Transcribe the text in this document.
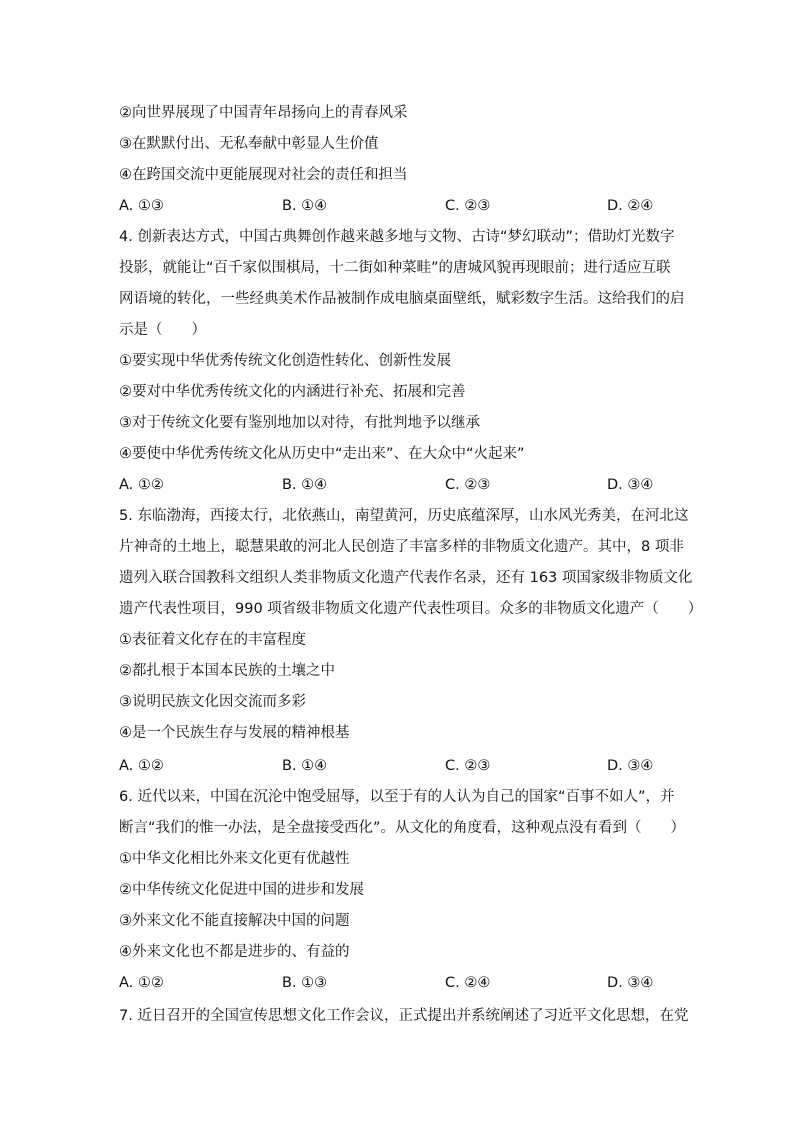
②向世界展现了中国青年昂扬向上的青春风采
③在默默付出、无私奉献中彰显人生价值
④在跨国交流中更能展现对社会的责任和担当
A. ①③	B. ①④	C. ②③	D. ②④
4. 创新表达方式，中国古典舞创作越来越多地与文物、古诗“梦幻联动”；借助灯光数字
投影，就能让“百千家似围棋局，十二街如种菜畦”的唐城风貌再现眼前；进行适应互联
网语境的转化，一些经典美术作品被制作成电脑桌面壁纸，赋彩数字生活。这给我们的启
示是（　　）
①要实现中华优秀传统文化创造性转化、创新性发展
②要对中华优秀传统文化的内涵进行补充、拓展和完善
③对于传统文化要有鉴别地加以对待，有批判地予以继承
④要使中华优秀传统文化从历史中“走出来”、在大众中“火起来”
A. ①②	B. ①④	C. ②③	D. ③④
5. 东临渤海，西接太行，北依燕山，南望黄河，历史底蕴深厚，山水风光秀美，在河北这
片神奇的土地上，聪慧果敢的河北人民创造了丰富多样的非物质文化遗产。其中，8 项非
遗列入联合国教科文组织人类非物质文化遗产代表作名录，还有 163 项国家级非物质文化
遗产代表性项目，990 项省级非物质文化遗产代表性项目。众多的非物质文化遗产（　　）
①表征着文化存在的丰富程度
②都扎根于本国本民族的土壤之中
③说明民族文化因交流而多彩
④是一个民族生存与发展的精神根基
A. ①②	B. ①④	C. ②③	D. ③④
6. 近代以来，中国在沉沦中饱受屈辱，以至于有的人认为自己的国家“百事不如人”，并
断言“我们的惟一办法，是全盘接受西化”。从文化的角度看，这种观点没有看到（　　）
①中华文化相比外来文化更有优越性
②中华传统文化促进中国的进步和发展
③外来文化不能直接解决中国的问题
④外来文化也不都是进步的、有益的
A. ①②	B. ①③	C. ②④	D. ③④
7. 近日召开的全国宣传思想文化工作会议，正式提出并系统阐述了习近平文化思想，在党
